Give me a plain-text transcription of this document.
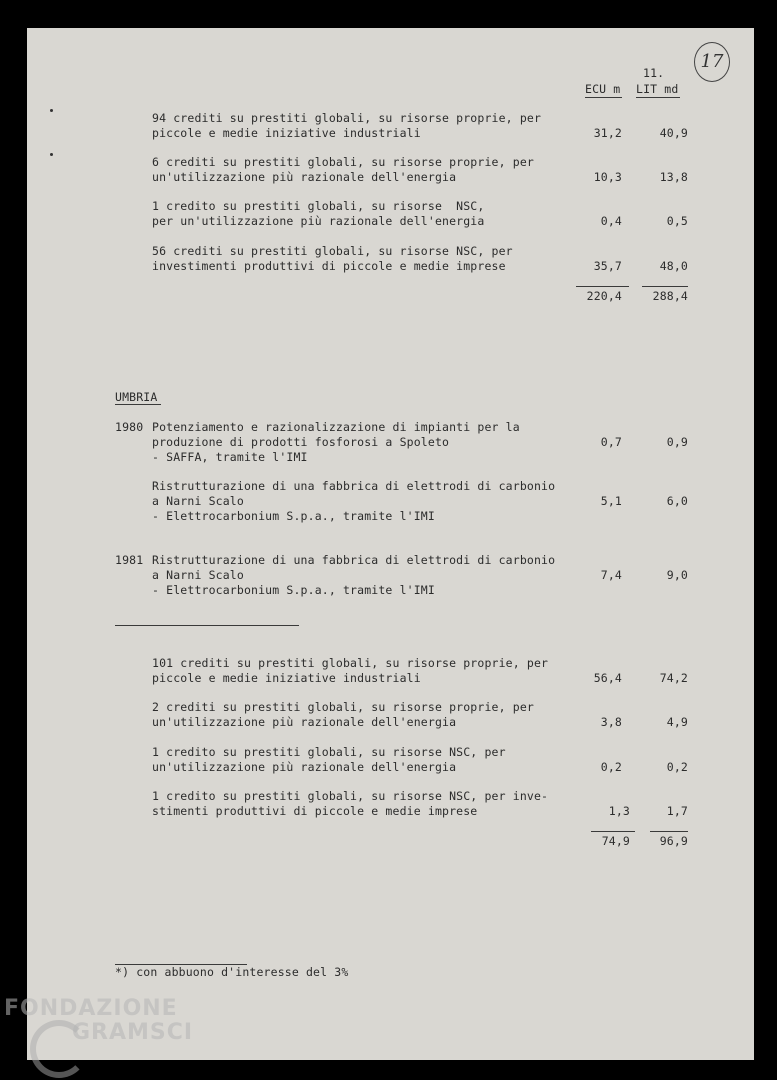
11.
17
ECU m LIT md
94 crediti su prestiti globali, su risorse proprie, per
piccole e medie iniziative industriali	31,2	40,9
6 crediti su prestiti globali, su risorse proprie, per
un'utilizzazione più razionale dell'energia	10,3	13,8
1 credito su prestiti globali, su risorse  NSC,
per un'utilizzazione più razionale dell'energia	0,4	0,5
56 crediti su prestiti globali, su risorse NSC, per
investimenti produttivi di piccole e medie imprese	35,7	48,0
220,4	288,4
UMBRIA
1980 Potenziamento e razionalizzazione di impianti per la
produzione di prodotti fosforosi a Spoleto
- SAFFA, tramite l'IMI
0,7	0,9
Ristrutturazione di una fabbrica di elettrodi di carbonio
a Narni Scalo
- Elettrocarbonium S.p.a., tramite l'IMI
5,1	6,0
1981 Ristrutturazione di una fabbrica di elettrodi di carbonio
a Narni Scalo
- Elettrocarbonium S.p.a., tramite l'IMI
7,4	9,0
101 crediti su prestiti globali, su risorse proprie, per
piccole e medie iniziative industriali	56,4	74,2
2 crediti su prestiti globali, su risorse proprie, per
un'utilizzazione più razionale dell'energia	3,8	4,9
1 credito su prestiti globali, su risorse NSC, per
un'utilizzazione più razionale dell'energia	0,2	0,2
1 credito su prestiti globali, su risorse NSC, per inve-
stimenti produttivi di piccole e medie imprese	1,3	1,7
74,9	96,9
*) con abbuono d'interesse del 3%
FONDAZIONE
GRAMSCI
